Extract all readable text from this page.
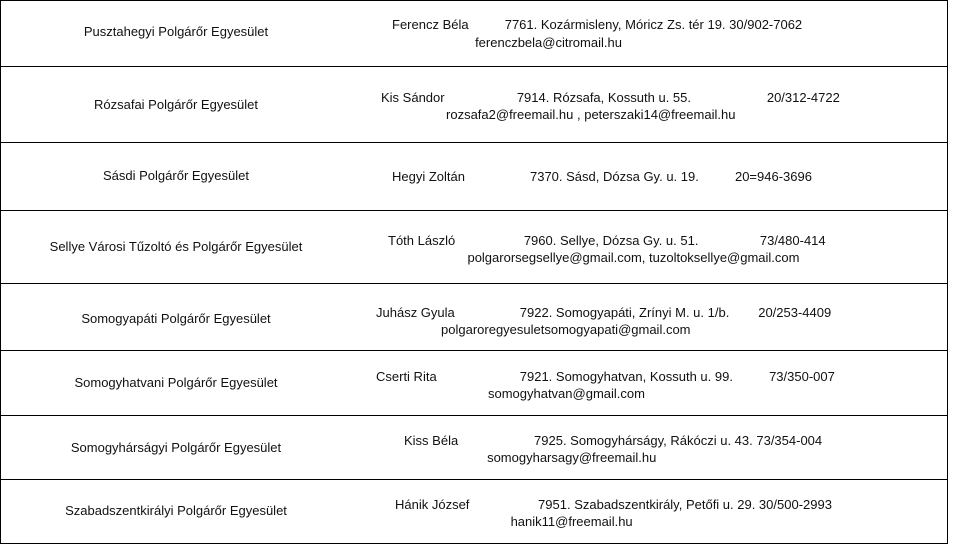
Pusztahegyi Polgárőr Egyesület	Ferencz Béla          7761. Kozármisleny, Móricz Zs. tér 19. 30/902-7062
ferenczbela@citromail.hu
Rózsafai Polgárőr Egyesület	Kis Sándor                    7914. Rózsafa, Kossuth u. 55.                     20/312-4722
rozsafa2@freemail.hu , peterszaki14@freemail.hu
Sásdi Polgárőr Egyesület	Hegyi Zoltán                  7370. Sásd, Dózsa Gy. u. 19.          20=946-3696
Sellye Városi Tűzoltó és Polgárőr Egyesület	Tóth László                   7960. Sellye, Dózsa Gy. u. 51.                 73/480-414
polgarorsegsellye@gmail.com, tuzoltoksellye@gmail.com
Somogyapáti Polgárőr Egyesület	Juhász Gyula                  7922. Somogyapáti, Zrínyi M. u. 1/b.        20/253-4409
polgaroregyesuletsomogyapati@gmail.com
Somogyhatvani Polgárőr Egyesület	Cserti Rita                       7921. Somogyhatvan, Kossuth u. 99.          73/350-007
somogyhatvan@gmail.com
Somogyhárságyi Polgárőr Egyesület	Kiss Béla                     7925. Somogyhárságy, Rákóczi u. 43. 73/354-004
somogyharsagy@freemail.hu
Szabadszentkirályi Polgárőr Egyesület	Hánik József                   7951. Szabadszentkirály, Petőfi u. 29. 30/500-2993
hanik11@freemail.hu
